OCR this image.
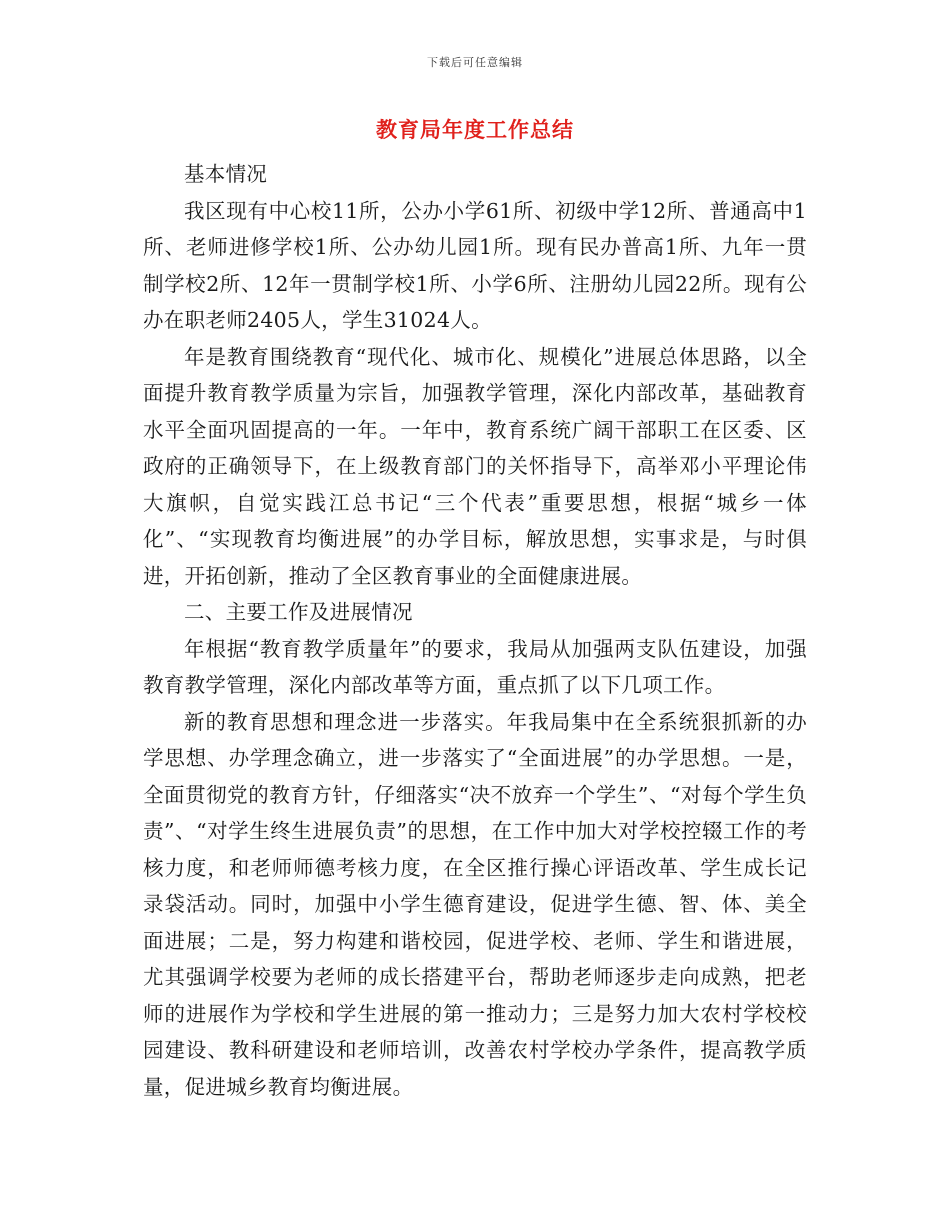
下载后可任意编辑
教育局年度工作总结

基本情况

我区现有中心校11所，公办小学61所、初级中学12所、普通高中1所、老师进修学校1所、公办幼儿园1所。现有民办普高1所、九年一贯制学校2所、12年一贯制学校1所、小学6所、注册幼儿园22所。现有公办在职老师2405人，学生31024人。

年是教育围绕教育“现代化、城市化、规模化”进展总体思路，以全面提升教育教学质量为宗旨，加强教学管理，深化内部改革，基础教育水平全面巩固提高的一年。一年中，教育系统广阔干部职工在区委、区政府的正确领导下，在上级教育部门的关怀指导下，高举邓小平理论伟大旗帜，自觉实践江总书记“三个代表”重要思想，根据“城乡一体化”、“实现教育均衡进展”的办学目标，解放思想，实事求是，与时俱进，开拓创新，推动了全区教育事业的全面健康进展。

二、主要工作及进展情况

年根据“教育教学质量年”的要求，我局从加强两支队伍建设，加强教育教学管理，深化内部改革等方面，重点抓了以下几项工作。

新的教育思想和理念进一步落实。年我局集中在全系统狠抓新的办学思想、办学理念确立，进一步落实了“全面进展”的办学思想。一是，全面贯彻党的教育方针，仔细落实“决不放弃一个学生”、“对每个学生负责”、“对学生终生进展负责”的思想，在工作中加大对学校控辍工作的考核力度，和老师师德考核力度，在全区推行操心评语改革、学生成长记录袋活动。同时，加强中小学生德育建设，促进学生德、智、体、美全面进展；二是，努力构建和谐校园，促进学校、老师、学生和谐进展，尤其强调学校要为老师的成长搭建平台，帮助老师逐步走向成熟，把老师的进展作为学校和学生进展的第一推动力；三是努力加大农村学校校园建设、教科研建设和老师培训，改善农村学校办学条件，提高教学质量，促进城乡教育均衡进展。
